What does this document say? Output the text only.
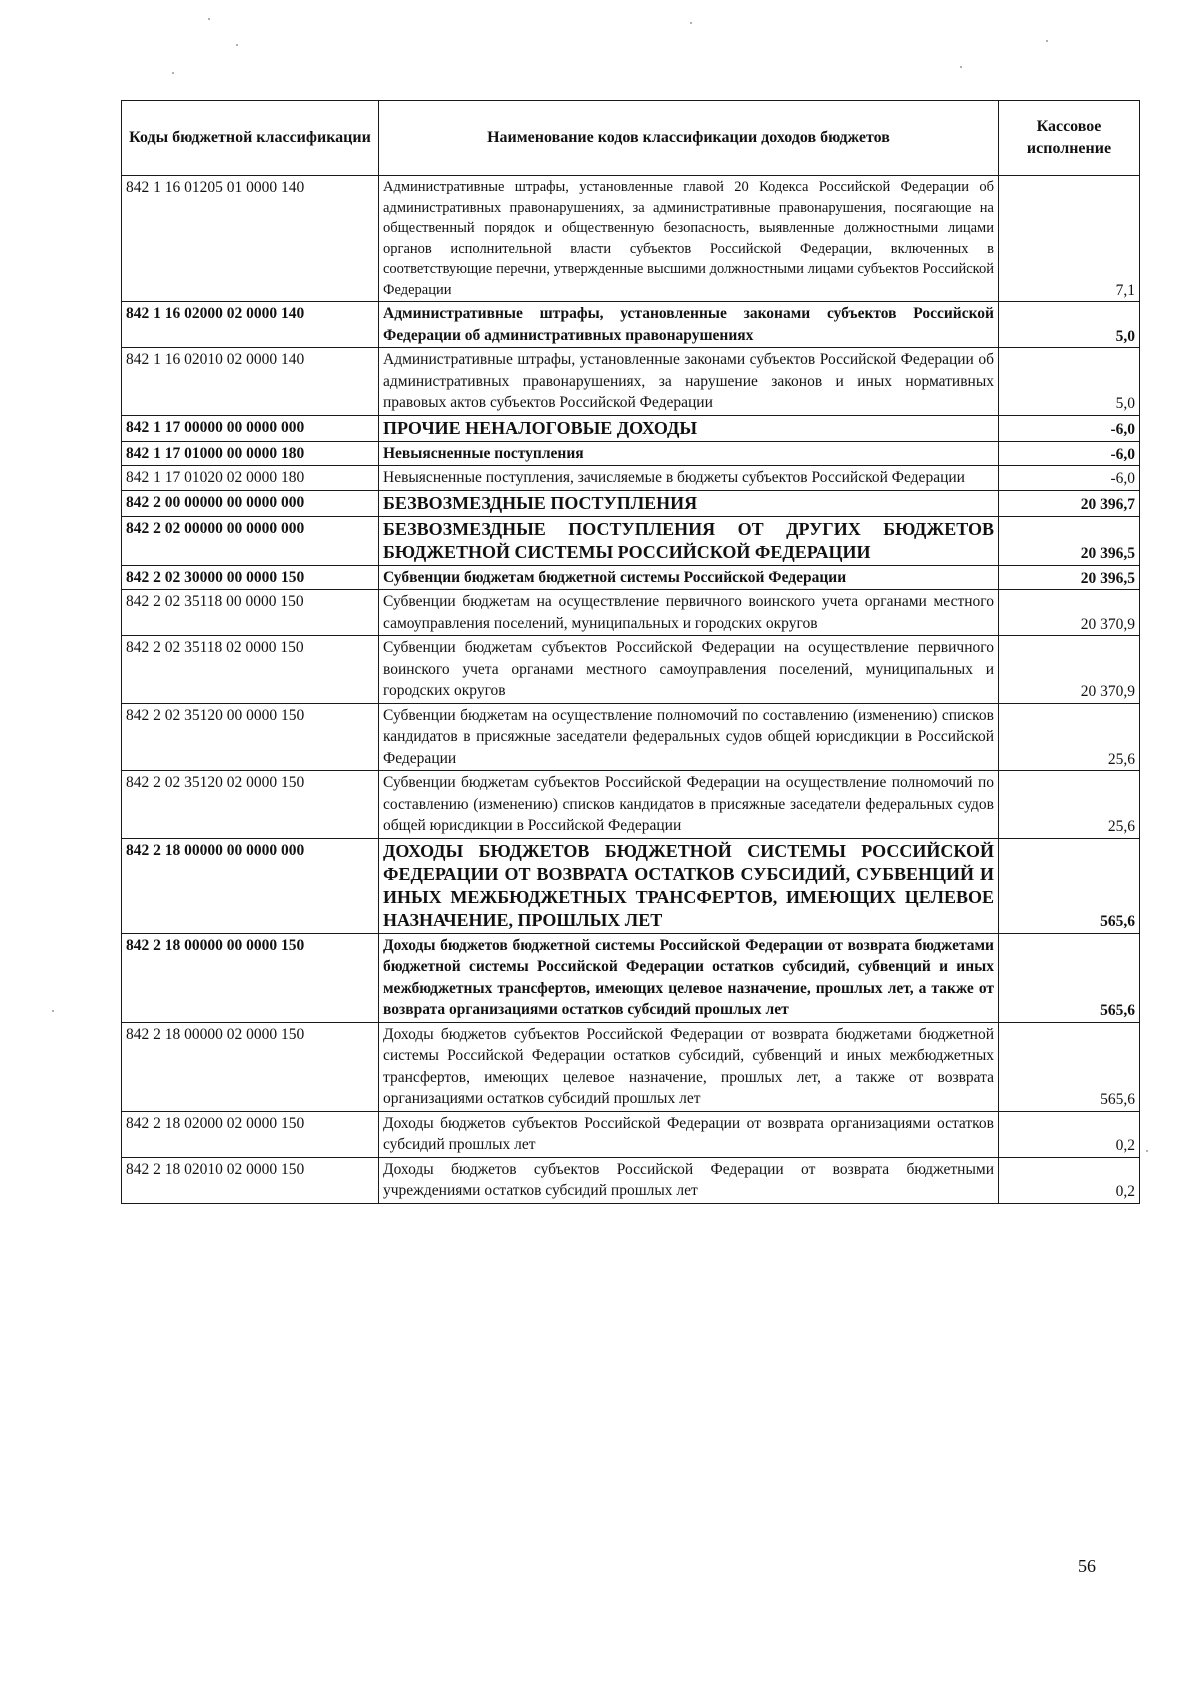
Коды бюджетной классификации	Наименование кодов классификации доходов бюджетов	Кассовое исполнение
842 1 16 01205 01 0000 140	Административные штрафы, установленные главой 20 Кодекса Российской Федерации об административных правонарушениях, за административные правонарушения, посягающие на общественный порядок и общественную безопасность, выявленные должностными лицами органов исполнительной власти субъектов Российской Федерации, включенных в соответствующие перечни, утвержденные высшими должностными лицами субъектов Российской Федерации	7,1
842 1 16 02000 02 0000 140	Административные штрафы, установленные законами субъектов Российской Федерации об административных правонарушениях	5,0
842 1 16 02010 02 0000 140	Административные штрафы, установленные законами субъектов Российской Федерации об административных правонарушениях, за нарушение законов и иных нормативных правовых актов субъектов Российской Федерации	5,0
842 1 17 00000 00 0000 000	ПРОЧИЕ НЕНАЛОГОВЫЕ ДОХОДЫ	-6,0
842 1 17 01000 00 0000 180	Невыясненные поступления	-6,0
842 1 17 01020 02 0000 180	Невыясненные поступления, зачисляемые в бюджеты субъектов Российской Федерации	-6,0
842 2 00 00000 00 0000 000	БЕЗВОЗМЕЗДНЫЕ ПОСТУПЛЕНИЯ	20 396,7
842 2 02 00000 00 0000 000	БЕЗВОЗМЕЗДНЫЕ ПОСТУПЛЕНИЯ ОТ ДРУГИХ БЮДЖЕТОВ БЮДЖЕТНОЙ СИСТЕМЫ РОССИЙСКОЙ ФЕДЕРАЦИИ	20 396,5
842 2 02 30000 00 0000 150	Субвенции бюджетам бюджетной системы Российской Федерации	20 396,5
842 2 02 35118 00 0000 150	Субвенции бюджетам на осуществление первичного воинского учета органами местного самоуправления поселений, муниципальных и городских округов	20 370,9
842 2 02 35118 02 0000 150	Субвенции бюджетам субъектов Российской Федерации на осуществление первичного воинского учета органами местного самоуправления поселений, муниципальных и городских округов	20 370,9
842 2 02 35120 00 0000 150	Субвенции бюджетам на осуществление полномочий по составлению (изменению) списков кандидатов в присяжные заседатели федеральных судов общей юрисдикции в Российской Федерации	25,6
842 2 02 35120 02 0000 150	Субвенции бюджетам субъектов Российской Федерации на осуществление полномочий по составлению (изменению) списков кандидатов в присяжные заседатели федеральных судов общей юрисдикции в Российской Федерации	25,6
842 2 18 00000 00 0000 000	ДОХОДЫ БЮДЖЕТОВ БЮДЖЕТНОЙ СИСТЕМЫ РОССИЙСКОЙ ФЕДЕРАЦИИ ОТ ВОЗВРАТА ОСТАТКОВ СУБСИДИЙ, СУБВЕНЦИЙ И ИНЫХ МЕЖБЮДЖЕТНЫХ ТРАНСФЕРТОВ, ИМЕЮЩИХ ЦЕЛЕВОЕ НАЗНАЧЕНИЕ, ПРОШЛЫХ ЛЕТ	565,6
842 2 18 00000 00 0000 150	Доходы бюджетов бюджетной системы Российской Федерации от возврата бюджетами бюджетной системы Российской Федерации остатков субсидий, субвенций и иных межбюджетных трансфертов, имеющих целевое назначение, прошлых лет, а также от возврата организациями остатков субсидий прошлых лет	565,6
842 2 18 00000 02 0000 150	Доходы бюджетов субъектов Российской Федерации от возврата бюджетами бюджетной системы Российской Федерации остатков субсидий, субвенций и иных межбюджетных трансфертов, имеющих целевое назначение, прошлых лет, а также от возврата организациями остатков субсидий прошлых лет	565,6
842 2 18 02000 02 0000 150	Доходы бюджетов субъектов Российской Федерации от возврата организациями остатков субсидий прошлых лет	0,2
842 2 18 02010 02 0000 150	Доходы бюджетов субъектов Российской Федерации от возврата бюджетными учреждениями остатков субсидий прошлых лет	0,2
56
